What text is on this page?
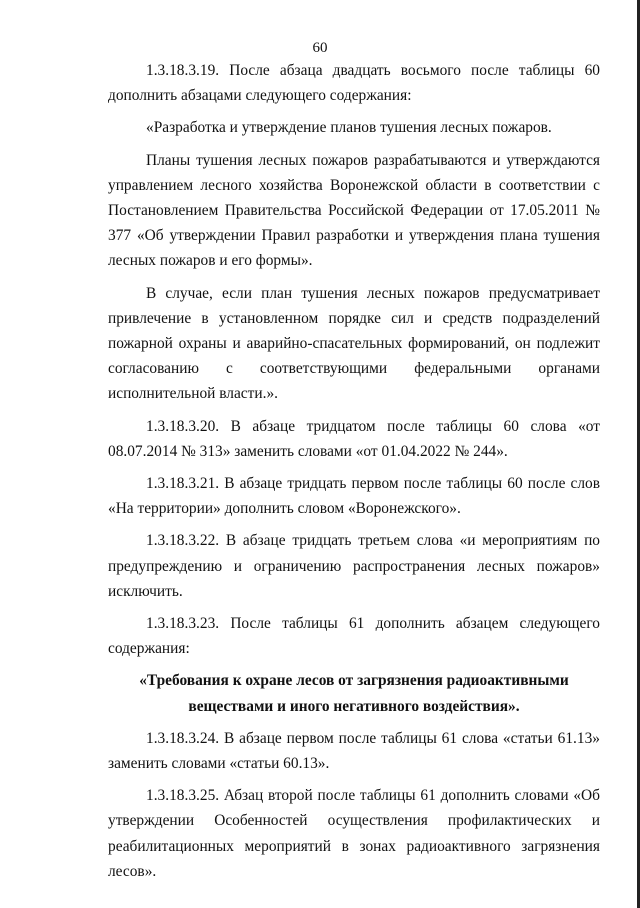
60

1.3.18.3.19. После абзаца двадцать восьмого после таблицы 60 дополнить абзацами следующего содержания:

«Разработка и утверждение планов тушения лесных пожаров.

Планы тушения лесных пожаров разрабатываются и утверждаются управлением лесного хозяйства Воронежской области в соответствии с Постановлением Правительства Российской Федерации от 17.05.2011 № 377 «Об утверждении Правил разработки и утверждения плана тушения лесных пожаров и его формы».

В случае, если план тушения лесных пожаров предусматривает привлечение в установленном порядке сил и средств подразделений пожарной охраны и аварийно-спасательных формирований, он подлежит согласованию с соответствующими федеральными органами исполнительной власти.».

1.3.18.3.20. В абзаце тридцатом после таблицы 60 слова «от 08.07.2014 № 313» заменить словами «от 01.04.2022 № 244».

1.3.18.3.21. В абзаце тридцать первом после таблицы 60 после слов «На территории» дополнить словом «Воронежского».

1.3.18.3.22. В абзаце тридцать третьем слова «и мероприятиям по предупреждению и ограничению распространения лесных пожаров» исключить.

1.3.18.3.23. После таблицы 61 дополнить абзацем следующего содержания:

«Требования к охране лесов от загрязнения радиоактивными веществами и иного негативного воздействия».

1.3.18.3.24. В абзаце первом после таблицы 61 слова «статьи 61.13» заменить словами «статьи 60.13».

1.3.18.3.25. Абзац второй после таблицы 61 дополнить словами «Об утверждении Особенностей осуществления профилактических и реабилитационных мероприятий в зонах радиоактивного загрязнения лесов».
